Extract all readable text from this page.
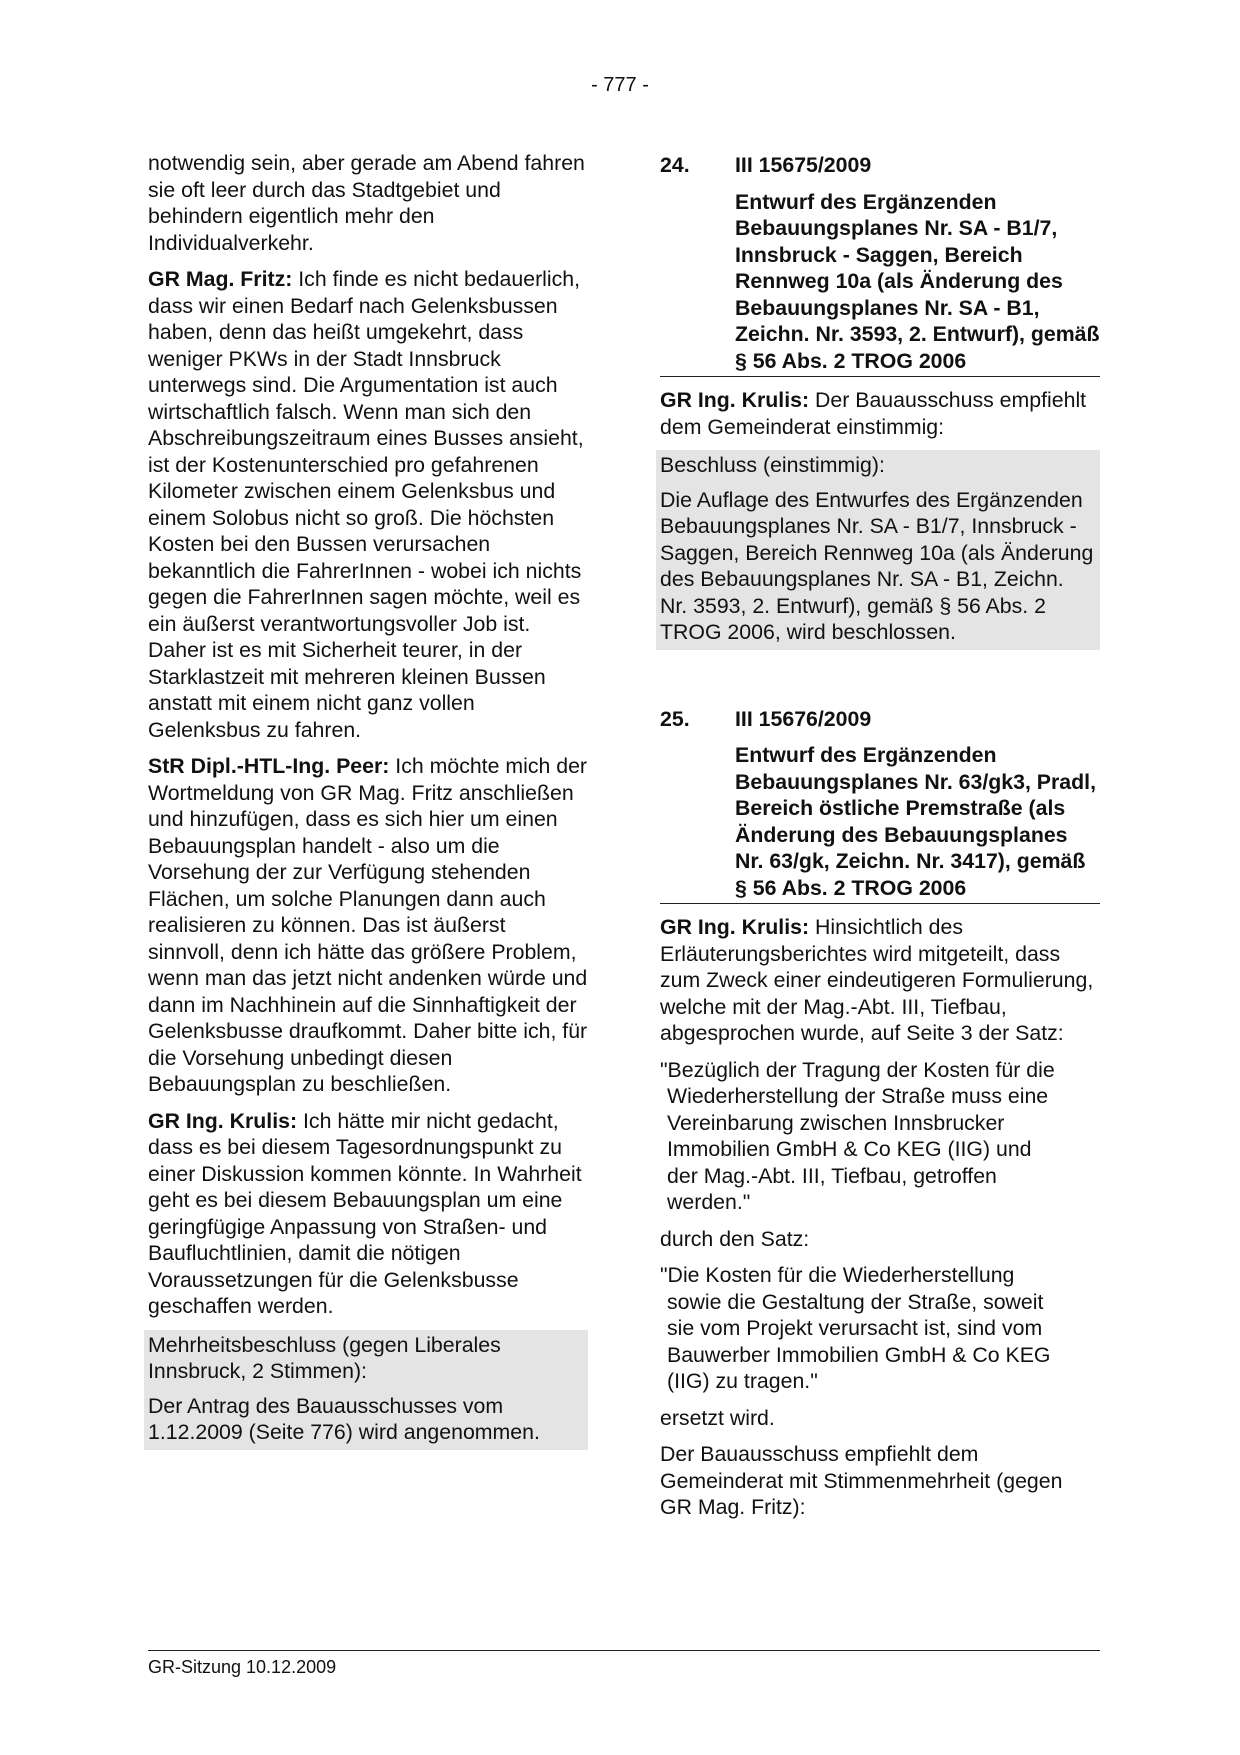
- 777 -

notwendig sein, aber gerade am Abend fahren sie oft leer durch das Stadtgebiet und behindern eigentlich mehr den Individualverkehr.

GR Mag. Fritz: Ich finde es nicht bedauerlich, dass wir einen Bedarf nach Gelenksbussen haben, denn das heißt umgekehrt, dass weniger PKWs in der Stadt Innsbruck unterwegs sind. Die Argumentation ist auch wirtschaftlich falsch. Wenn man sich den Abschreibungszeitraum eines Busses ansieht, ist der Kostenunterschied pro gefahrenen Kilometer zwischen einem Gelenksbus und einem Solobus nicht so groß. Die höchsten Kosten bei den Bussen verursachen bekanntlich die FahrerInnen - wobei ich nichts gegen die FahrerInnen sagen möchte, weil es ein äußerst verantwortungsvoller Job ist. Daher ist es mit Sicherheit teurer, in der Starklastzeit mit mehreren kleinen Bussen anstatt mit einem nicht ganz vollen Gelenksbus zu fahren.

StR Dipl.-HTL-Ing. Peer: Ich möchte mich der Wortmeldung von GR Mag. Fritz anschließen und hinzufügen, dass es sich hier um einen Bebauungsplan handelt - also um die Vorsehung der zur Verfügung stehenden Flächen, um solche Planungen dann auch realisieren zu können. Das ist äußerst sinnvoll, denn ich hätte das größere Problem, wenn man das jetzt nicht andenken würde und dann im Nachhinein auf die Sinnhaftigkeit der Gelenksbusse draufkommt. Daher bitte ich, für die Vorsehung unbedingt diesen Bebauungsplan zu beschließen.

GR Ing. Krulis: Ich hätte mir nicht gedacht, dass es bei diesem Tagesordnungspunkt zu einer Diskussion kommen könnte. In Wahrheit geht es bei diesem Bebauungsplan um eine geringfügige Anpassung von Straßen- und Baufluchtlinien, damit die nötigen Voraussetzungen für die Gelenksbusse geschaffen werden.

Mehrheitsbeschluss (gegen Liberales Innsbruck, 2 Stimmen):

Der Antrag des Bauausschusses vom 1.12.2009 (Seite 776) wird angenommen.

24.	III 15675/2009
Entwurf des Ergänzenden Bebauungsplanes Nr. SA - B1/7, Innsbruck - Saggen, Bereich Rennweg 10a (als Änderung des Bebauungsplanes Nr. SA - B1, Zeichn. Nr. 3593, 2. Entwurf), gemäß § 56 Abs. 2 TROG 2006

GR Ing. Krulis: Der Bauausschuss empfiehlt dem Gemeinderat einstimmig:

Beschluss (einstimmig):

Die Auflage des Entwurfes des Ergänzenden Bebauungsplanes Nr. SA - B1/7, Innsbruck - Saggen, Bereich Rennweg 10a (als Änderung des Bebauungsplanes Nr. SA - B1, Zeichn. Nr. 3593, 2. Entwurf), gemäß § 56 Abs. 2 TROG 2006, wird beschlossen.

25.	III 15676/2009
Entwurf des Ergänzenden Bebauungsplanes Nr. 63/gk3, Pradl, Bereich östliche Premstraße (als Änderung des Bebauungsplanes Nr. 63/gk, Zeichn. Nr. 3417), gemäß § 56 Abs. 2 TROG 2006

GR Ing. Krulis: Hinsichtlich des Erläuterungsberichtes wird mitgeteilt, dass zum Zweck einer eindeutigeren Formulierung, welche mit der Mag.-Abt. III, Tiefbau, abgesprochen wurde, auf Seite 3 der Satz:

"Bezüglich der Tragung der Kosten für die
Wiederherstellung der Straße muss eine
Vereinbarung zwischen Innsbrucker
Immobilien GmbH & Co KEG (IIG) und
der Mag.-Abt. III, Tiefbau, getroffen
werden."

durch den Satz:

"Die Kosten für die Wiederherstellung
sowie die Gestaltung der Straße, soweit
sie vom Projekt verursacht ist, sind vom
Bauwerber Immobilien GmbH & Co KEG
(IIG) zu tragen."

ersetzt wird.

Der Bauausschuss empfiehlt dem Gemeinderat mit Stimmenmehrheit (gegen GR Mag. Fritz):

GR-Sitzung 10.12.2009
